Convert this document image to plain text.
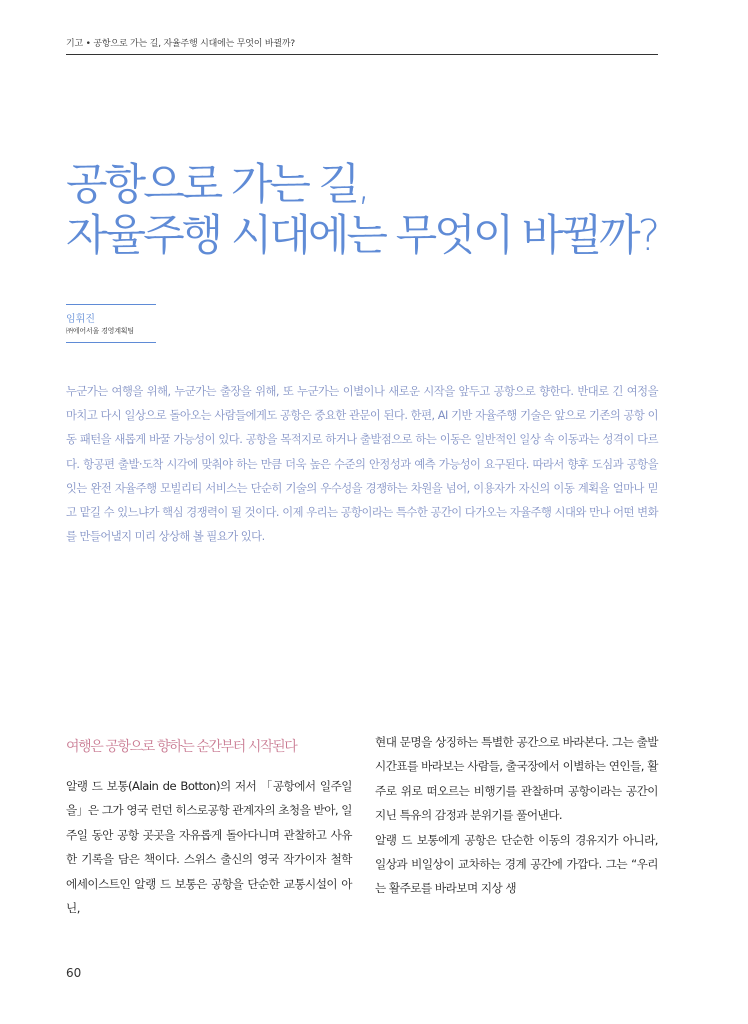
기고 • 공항으로 가는 길, 자율주행 시대에는 무엇이 바뀔까?
공항으로 가는 길,
자율주행 시대에는 무엇이 바뀔까?
임휘진
㈜에어서울 경영계획팀

누군가는 여행을 위해, 누군가는 출장을 위해, 또 누군가는 이별이나 새로운 시작을 앞두고 공항으로 향한다. 반대로 긴 여정을 마치고 다시 일상으로 돌아오는 사람들에게도 공항은 중요한 관문이 된다. 한편, AI 기반 자율주행 기술은 앞으로 기존의 공항 이동 패턴을 새롭게 바꿀 가능성이 있다. 공항을 목적지로 하거나 출발점으로 하는 이동은 일반적인 일상 속 이동과는 성격이 다르다. 항공편 출발·도착 시각에 맞춰야 하는 만큼 더욱 높은 수준의 안정성과 예측 가능성이 요구된다. 따라서 향후 도심과 공항을 잇는 완전 자율주행 모빌리티 서비스는 단순히 기술의 우수성을 경쟁하는 차원을 넘어, 이용자가 자신의 이동 계획을 얼마나 믿고 맡길 수 있느냐가 핵심 경쟁력이 될 것이다. 이제 우리는 공항이라는 특수한 공간이 다가오는 자율주행 시대와 만나 어떤 변화를 만들어낼지 미리 상상해 볼 필요가 있다.

여행은 공항으로 향하는 순간부터 시작된다

알랭 드 보통(Alain de Botton)의 저서 「공항에서 일주일을」은 그가 영국 런던 히스로공항 관계자의 초청을 받아, 일주일 동안 공항 곳곳을 자유롭게 돌아다니며 관찰하고 사유한 기록을 담은 책이다. 스위스 출신의 영국 작가이자 철학 에세이스트인 알랭 드 보통은 공항을 단순한 교통시설이 아닌,

현대 문명을 상징하는 특별한 공간으로 바라본다. 그는 출발 시간표를 바라보는 사람들, 출국장에서 이별하는 연인들, 활주로 위로 떠오르는 비행기를 관찰하며 공항이라는 공간이 지닌 특유의 감정과 분위기를 풀어낸다.

알랭 드 보통에게 공항은 단순한 이동의 경유지가 아니라, 일상과 비일상이 교차하는 경계 공간에 가깝다. 그는 “우리는 활주로를 바라보며 지상 생

60
